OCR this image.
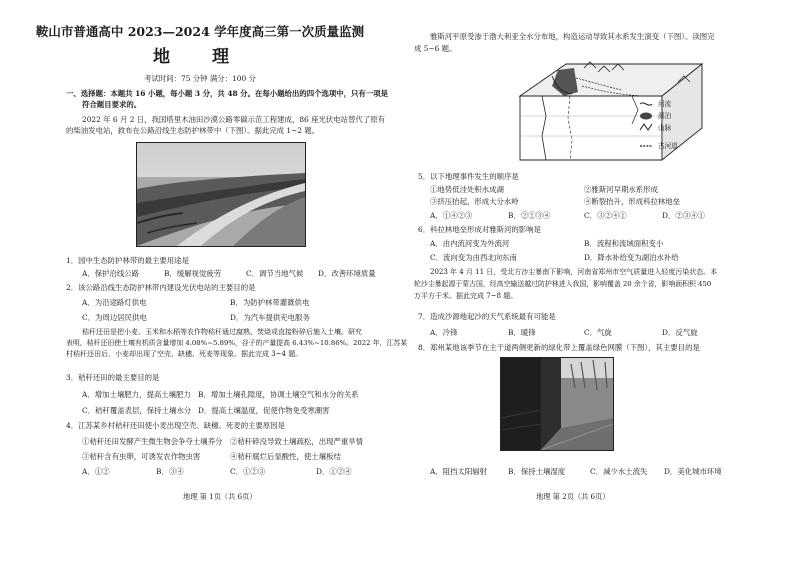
鞍山市普通高中 2023—2024 学年度高三第一次质量监测
地 理
考试时间：75 分钟 满分：100 分
一、选择题：本题共 16 小题，每小题 3 分，共 48 分。在每小题给出的四个选项中，只有一项是
符合题目要求的。
2022 年 6 月 2 日，我国塔里木油田沙漠公路零碳示范工程建成，86 座光伏电站替代了原有
的柴油发电站，救布在公路沿线生态防护林带中（下图）。据此完成 1~2 题。
1．园中生态防护林带的最主要用途是
A．保护沿线公路	B．缓解视觉疲劳	C．调节当地气候 D．改善环境质量
2．该公路沿线生态防护林带内建设光伏电站的主要目的是
A．为沿途路灯供电	B．为防护林带灌溉供电
C．为周边居民供电	D．为汽车提供充电服务
秸秆还田是把小麦、玉米和水稻等农作物秸秆通过腐熟、焚烧或直接粉碎后施入土壤。研究
表明，秸秆还田使土壤有机质含量增加 4.08%~5.89%，谷子的产量提高 6.43%~10.86%。2022 年，江苏某
村秸秆还田后，小麦却出现了空壳、缺穗、死麦等现象。据此完成 3~4 题。
3．秸秆还田的最主要目的是
A．增加土壤肥力，提高土壤肥力 B．增加土壤孔隙度，协调土壤空气和水分的关系
C．秸秆覆盖表层，保持土壤水分 D．提高土壤温度，促使作物免受寒潮害
4．江苏某乡村秸秆还田使小麦出现空壳、缺穗、死麦的主要原因是
①秸秆还田发酵产生微生物会争夺土壤养分 ②秸秆碎没导致土壤疏松，出现严重旱情
③秸秆含有虫卵，可诱发农作物虫害	④秸秆腐烂后显酸性，使土壤板结
A．①②	B．③④	C．①②③	D．①②④
地理 第 1页（共 6页）
雅斯河平原受渗于渤大利亚全水分布地，构造运动导致其水系发生演变（下图）。读图完
成 5~6 题。
河流
湖泊
山脉
古河道
5．以下地理事件发生的顺序是
①地势低洼处积水成湖	②雅斯河早期水系形成
③挤压抬起，形成大分水岭	④断裂抬升，形成科拉林地垒
A．①④②③	B．②①③④	C．③②④①	D．②③④①
6．科拉林地垒形成对雅斯河的影响是
A．由内流河变为外流河	B．流程和流域面积变小
C．流向变为由西北向东南	D．降水补给变为湖泊水补给
2023 年 4 月 11 日，受北方沙尘暴南下影响，河南省郑州市空气质量进入轻度污染状态。本
轮沙尘暴起源于蒙古国，经高空输送越过防护林进入我国，影响覆盖 20 余个省，影响面积积 450
万平方千米。据此完成 7~8 题。
7．造成沙源地起沙的天气系统最有可能是
A．冷锋	B．暖锋	C．气旋	D．反气旋
8．郑州某地该季节在主干道两侧更新的绿化带上覆盖绿色网膜（下图），其主要目的是
A．阻挡太阳辐射	B．保持土壤湿度	C．减少水土流失 D．美化城市环境
地理 第 2页（共 6页）
